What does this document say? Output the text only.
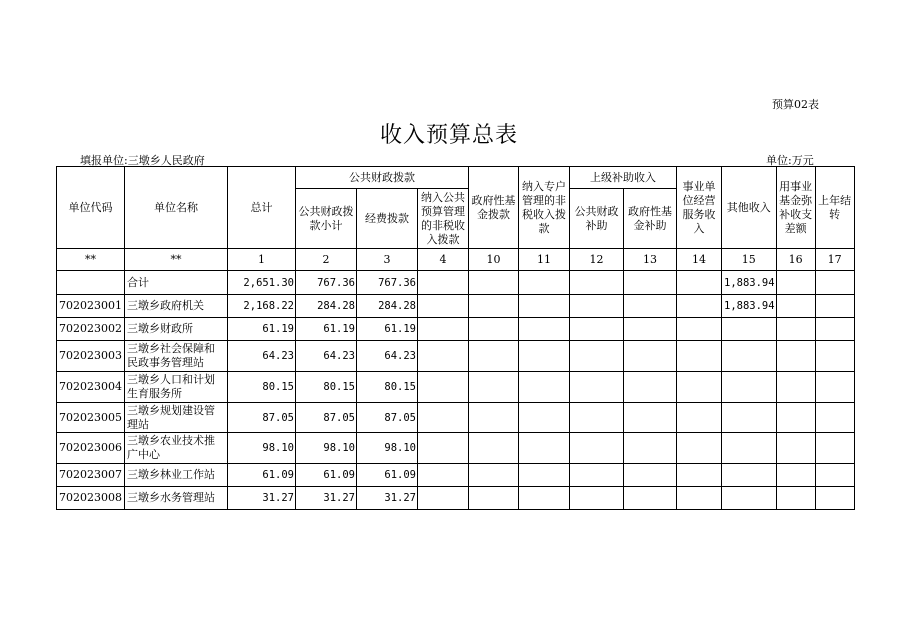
预算02表
收入预算总表
填报单位:三墩乡人民政府	单位:万元
单位代码	单位名称	总计	公共财政拨款			政府性基金拨款	纳入专户管理的非税收入拨款	上级补助收入		事业单位经营服务收入	其他收入	用事业基金弥补收支差额	上年结转
			公共财政拨款小计	经费拨款	纳入公共预算管理的非税收入拨款			公共财政补助	政府性基金补助				
**	**	1	2	3	4	10	11	12	13	14	15	16	17
	合计	2,651.30	767.36	767.36							1,883.94		
702023001	三墩乡政府机关	2,168.22	284.28	284.28							1,883.94		
702023002	三墩乡财政所	61.19	61.19	61.19									
702023003	三墩乡社会保障和民政事务管理站	64.23	64.23	64.23									
702023004	三墩乡人口和计划生育服务所	80.15	80.15	80.15									
702023005	三墩乡规划建设管理站	87.05	87.05	87.05									
702023006	三墩乡农业技术推广中心	98.10	98.10	98.10									
702023007	三墩乡林业工作站	61.09	61.09	61.09									
702023008	三墩乡水务管理站	31.27	31.27	31.27									
